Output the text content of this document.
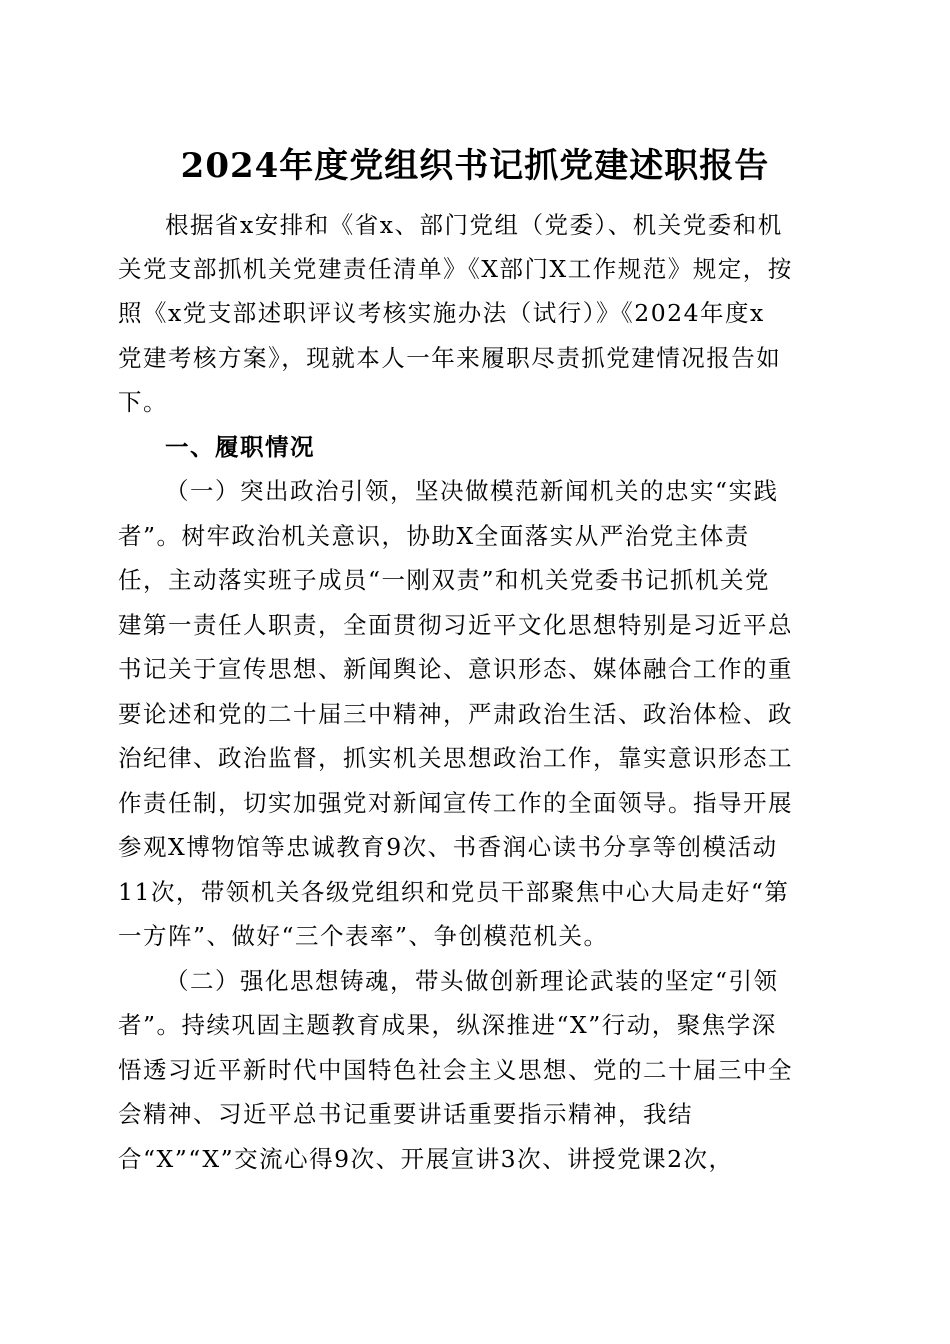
2024年度党组织书记抓党建述职报告
根据省x安排和《省x、部门党组（党委）、机关党委和机
关党支部抓机关党建责任清单》《X部门X工作规范》规定，按
照《x党支部述职评议考核实施办法（试行）》《2024年度x
党建考核方案》，现就本人一年来履职尽责抓党建情况报告如
下。
一、履职情况
（一）突出政治引领，坚决做模范新闻机关的忠实“实践
者”。树牢政治机关意识，协助X全面落实从严治党主体责
任，主动落实班子成员“一刚双责”和机关党委书记抓机关党
建第一责任人职责，全面贯彻习近平文化思想特别是习近平总
书记关于宣传思想、新闻舆论、意识形态、媒体融合工作的重
要论述和党的二十届三中精神，严肃政治生活、政治体检、政
治纪律、政治监督，抓实机关思想政治工作，靠实意识形态工
作责任制，切实加强党对新闻宣传工作的全面领导。指导开展
参观X博物馆等忠诚教育9次、书香润心读书分享等创模活动
11次，带领机关各级党组织和党员干部聚焦中心大局走好“第
一方阵”、做好“三个表率”、争创模范机关。
（二）强化思想铸魂，带头做创新理论武装的坚定“引领
者”。持续巩固主题教育成果，纵深推进“X”行动，聚焦学深
悟透习近平新时代中国特色社会主义思想、党的二十届三中全
会精神、习近平总书记重要讲话重要指示精神，我结
合“X”“X”交流心得9次、开展宣讲3次、讲授党课2次，
